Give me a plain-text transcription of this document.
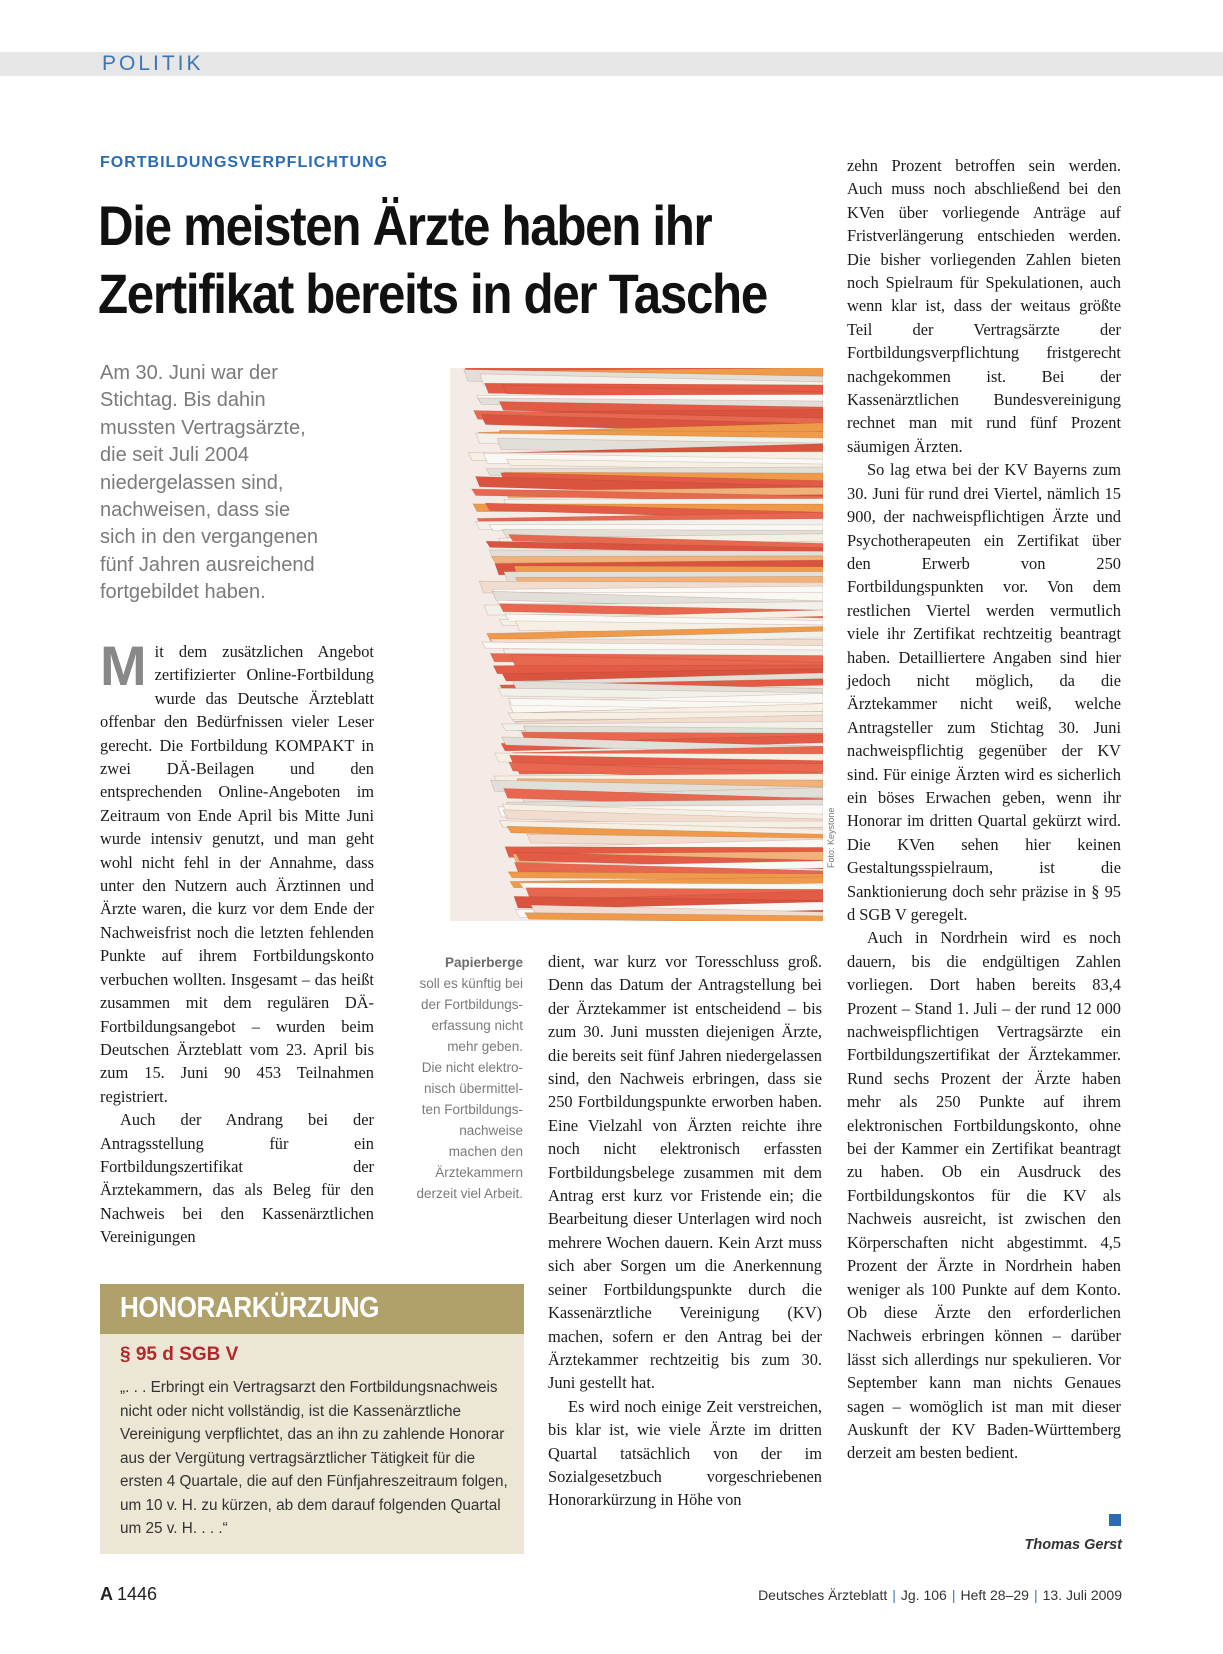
POLITIK
FORTBILDUNGSVERPFLICHTUNG
Die meisten Ärzte haben ihr
Zertifikat bereits in der Tasche
Am 30. Juni war der
Stichtag. Bis dahin
mussten Vertragsärzte,
die seit Juli 2004
niedergelassen sind,
nachweisen, dass sie
sich in den vergangenen
fünf Jahren ausreichend
fortgebildet haben.

Mit dem zusätzlichen Angebot zertifizierter Online-Fortbildung wurde das Deutsche Ärzteblatt offenbar den Bedürfnissen vieler Leser gerecht. Die Fortbildung KOMPAKT in zwei DÄ-Beilagen und den entsprechenden Online-Angeboten im Zeitraum von Ende April bis Mitte Juni wurde intensiv genutzt, und man geht wohl nicht fehl in der Annahme, dass unter den Nutzern auch Ärztinnen und Ärzte waren, die kurz vor dem Ende der Nachweisfrist noch die letzten fehlenden Punkte auf ihrem Fortbildungskonto verbuchen wollten. Insgesamt – das heißt zusammen mit dem regulären DÄ-Fortbildungsangebot – wurden beim Deutschen Ärzteblatt vom 23. April bis zum 15. Juni 90 453 Teilnahmen registriert.

Auch der Andrang bei der Antragsstellung für ein Fortbildungszertifikat der Ärztekammern, das als Beleg für den Nachweis bei den Kassenärztlichen Vereinigungen

Foto: Keystone
Papierberge
soll es künftig bei
der Fortbildungs-
erfassung nicht
mehr geben.
Die nicht elektro-
nisch übermittel-
ten Fortbildungs-
nachweise
machen den
Ärztekammern
derzeit viel Arbeit.

dient, war kurz vor Toresschluss groß. Denn das Datum der Antragstellung bei der Ärztekammer ist entscheidend – bis zum 30. Juni mussten diejenigen Ärzte, die bereits seit fünf Jahren niedergelassen sind, den Nachweis erbringen, dass sie 250 Fortbildungspunkte erworben haben. Eine Vielzahl von Ärzten reichte ihre noch nicht elektronisch erfassten Fortbildungsbelege zusammen mit dem Antrag erst kurz vor Fristende ein; die Bearbeitung dieser Unterlagen wird noch mehrere Wochen dauern. Kein Arzt muss sich aber Sorgen um die Anerkennung seiner Fortbildungspunkte durch die Kassenärztliche Vereinigung (KV) machen, sofern er den Antrag bei der Ärztekammer rechtzeitig bis zum 30. Juni gestellt hat.

Es wird noch einige Zeit verstreichen, bis klar ist, wie viele Ärzte im dritten Quartal tatsächlich von der im Sozialgesetzbuch vorgeschriebenen Honorarkürzung in Höhe von

zehn Prozent betroffen sein werden. Auch muss noch abschließend bei den KVen über vorliegende Anträge auf Fristverlängerung entschieden werden. Die bisher vorliegenden Zahlen bieten noch Spielraum für Spekulationen, auch wenn klar ist, dass der weitaus größte Teil der Vertragsärzte der Fortbildungsverpflichtung fristgerecht nachgekommen ist. Bei der Kassenärztlichen Bundesvereinigung rechnet man mit rund fünf Prozent säumigen Ärzten.

So lag etwa bei der KV Bayerns zum 30. Juni für rund drei Viertel, nämlich 15 900, der nachweispflichtigen Ärzte und Psychotherapeuten ein Zertifikat über den Erwerb von 250 Fortbildungspunkten vor. Von dem restlichen Viertel werden vermutlich viele ihr Zertifikat rechtzeitig beantragt haben. Detailliertere Angaben sind hier jedoch nicht möglich, da die Ärztekammer nicht weiß, welche Antragsteller zum Stichtag 30. Juni nachweispflichtig gegenüber der KV sind. Für einige Ärzten wird es sicherlich ein böses Erwachen geben, wenn ihr Honorar im dritten Quartal gekürzt wird. Die KVen sehen hier keinen Gestaltungsspielraum, ist die Sanktionierung doch sehr präzise in § 95 d SGB V geregelt.

Auch in Nordrhein wird es noch dauern, bis die endgültigen Zahlen vorliegen. Dort haben bereits 83,4 Prozent – Stand 1. Juli – der rund 12 000 nachweispflichtigen Vertragsärzte ein Fortbildungszertifikat der Ärztekammer. Rund sechs Prozent der Ärzte haben mehr als 250 Punkte auf ihrem elektronischen Fortbildungskonto, ohne bei der Kammer ein Zertifikat beantragt zu haben. Ob ein Ausdruck des Fortbildungskontos für die KV als Nachweis ausreicht, ist zwischen den Körperschaften nicht abgestimmt. 4,5 Prozent der Ärzte in Nordrhein haben weniger als 100 Punkte auf dem Konto. Ob diese Ärzte den erforderlichen Nachweis erbringen können – darüber lässt sich allerdings nur spekulieren. Vor September kann man nichts Genaues sagen – womöglich ist man mit dieser Auskunft der KV Baden-Württemberg derzeit am besten bedient.

Thomas Gerst
HONORARKÜRZUNG
§ 95 d SGB V
„. . . Erbringt ein Vertragsarzt den Fortbildungsnachweis
nicht oder nicht vollständig, ist die Kassenärztliche
Vereinigung verpflichtet, das an ihn zu zahlende Honorar
aus der Vergütung vertragsärztlicher Tätigkeit für die
ersten 4 Quartale, die auf den Fünfjahreszeitraum folgen,
um 10 v. H. zu kürzen, ab dem darauf folgenden Quartal
um 25 v. H. . . .“
A 1446	Deutsches Ärzteblatt | Jg. 106 | Heft 28–29 | 13. Juli 2009
